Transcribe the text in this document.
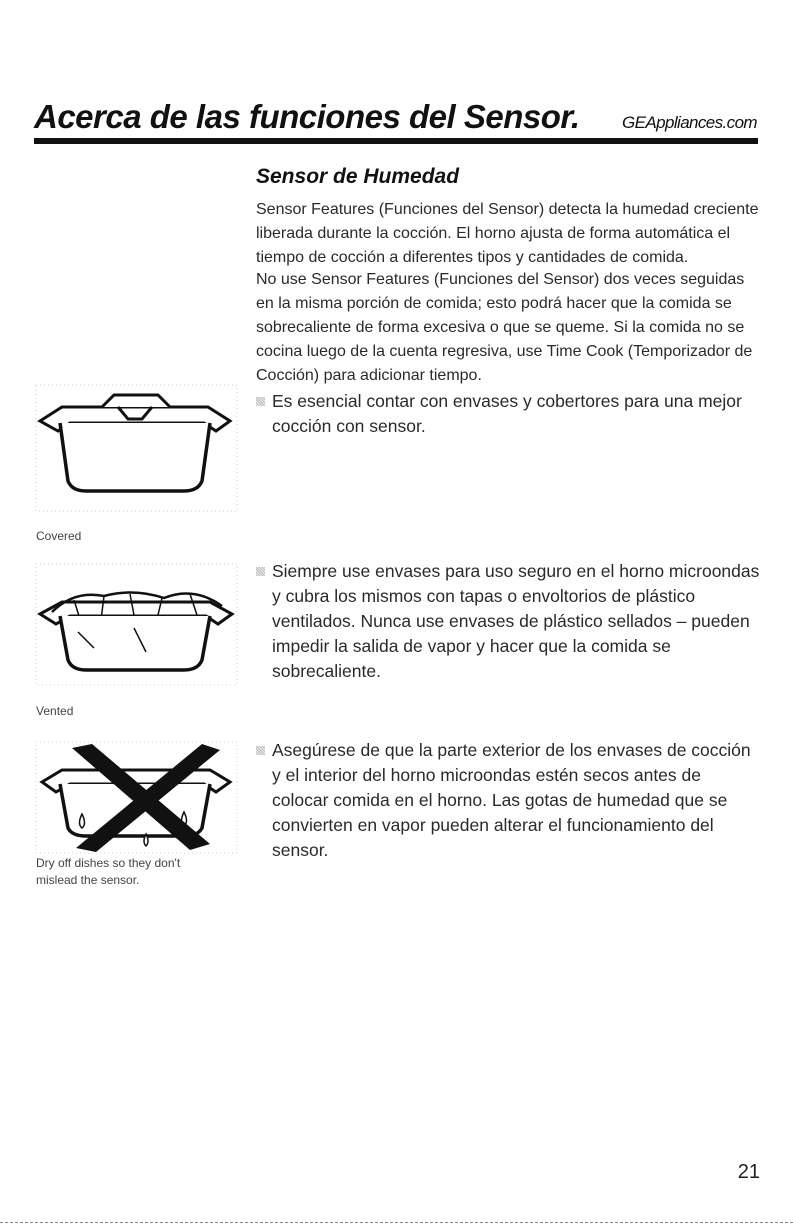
Acerca de las funciones del Sensor. GEAppliances.com
Sensor de Humedad

Sensor Features (Funciones del Sensor) detecta la humedad creciente liberada durante la cocción. El horno ajusta de forma automática el tiempo de cocción a diferentes tipos y cantidades de comida.

No use Sensor Features (Funciones del Sensor) dos veces seguidas en la misma porción de comida; esto podrá hacer que la comida se sobrecaliente de forma excesiva o que se queme. Si la comida no se cocina luego de la cuenta regresiva, use Time Cook (Temporizador de Cocción) para adicionar tiempo.

Es esencial contar con envases y cobertores para una mejor cocción con sensor.
Siempre use envases para uso seguro en el horno microondas y cubra los mismos con tapas o envoltorios de plástico ventilados. Nunca use envases de plástico sellados – pueden impedir la salida de vapor y hacer que la comida se sobrecaliente.
Asegúrese de que la parte exterior de los envases de cocción y el interior del horno microondas estén secos antes de colocar comida en el horno. Las gotas de humedad que se convierten en vapor pueden alterar el funcionamiento del sensor.
Covered
Vented
Dry off dishes so they don't mislead the sensor.
21
